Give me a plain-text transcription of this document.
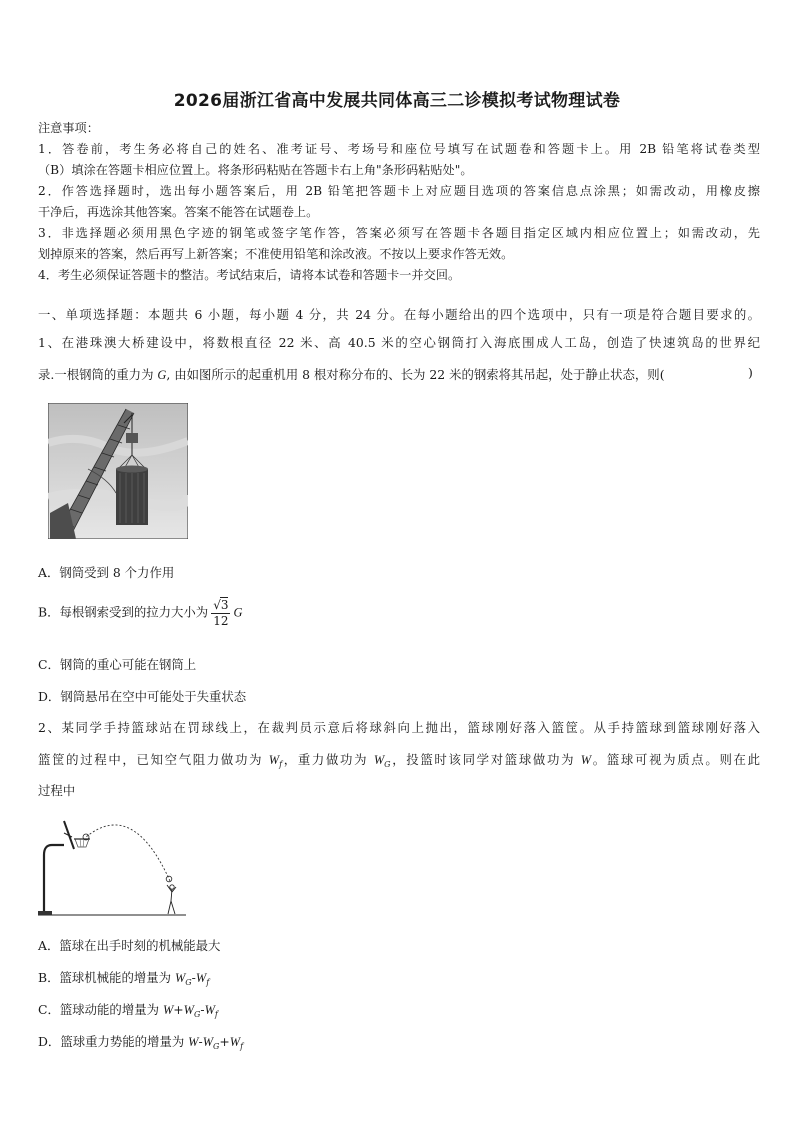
2026届浙江省高中发展共同体高三二诊模拟考试物理试卷
注意事项：
1．答卷前，考生务必将自己的姓名、准考证号、考场号和座位号填写在试题卷和答题卡上。用 2B 铅笔将试卷类型
（B）填涂在答题卡相应位置上。将条形码粘贴在答题卡右上角"条形码粘贴处"。
2．作答选择题时，选出每小题答案后，用 2B 铅笔把答题卡上对应题目选项的答案信息点涂黑；如需改动，用橡皮擦
干净后，再选涂其他答案。答案不能答在试题卷上。
3．非选择题必须用黑色字迹的钢笔或签字笔作答，答案必须写在答题卡各题目指定区域内相应位置上；如需改动，先
划掉原来的答案，然后再写上新答案；不准使用铅笔和涂改液。不按以上要求作答无效。
4．考生必须保证答题卡的整洁。考试结束后，请将本试卷和答题卡一并交回。
一、单项选择题：本题共 6 小题，每小题 4 分，共 24 分。在每小题给出的四个选项中，只有一项是符合题目要求的。
1、在港珠澳大桥建设中，将数根直径 22 米、高 40.5 米的空心钢筒打入海底围成人工岛，创造了快速筑岛的世界纪
录.一根钢筒的重力为 G, 由如图所示的起重机用 8 根对称分布的、长为 22 米的钢索将其吊起，处于静止状态，则(	)
A．钢筒受到 8 个力作用
B．每根钢索受到的拉力大小为 $\frac{√3}{12}$ G
C．钢筒的重心可能在钢筒上
D．钢筒悬吊在空中可能处于失重状态
2、某同学手持篮球站在罚球线上，在裁判员示意后将球斜向上抛出，篮球刚好落入篮筐。从手持篮球到篮球刚好落入
篮筐的过程中，已知空气阻力做功为 $W_f$，重力做功为 $W_G$，投篮时该同学对篮球做功为 W。篮球可视为质点。则在此
过程中
A．篮球在出手时刻的机械能最大
B．篮球机械能的增量为 $W_G-W_f$
C．篮球动能的增量为 $W+W_G-W_f$
D．篮球重力势能的增量为 $W-W_G+W_f$
